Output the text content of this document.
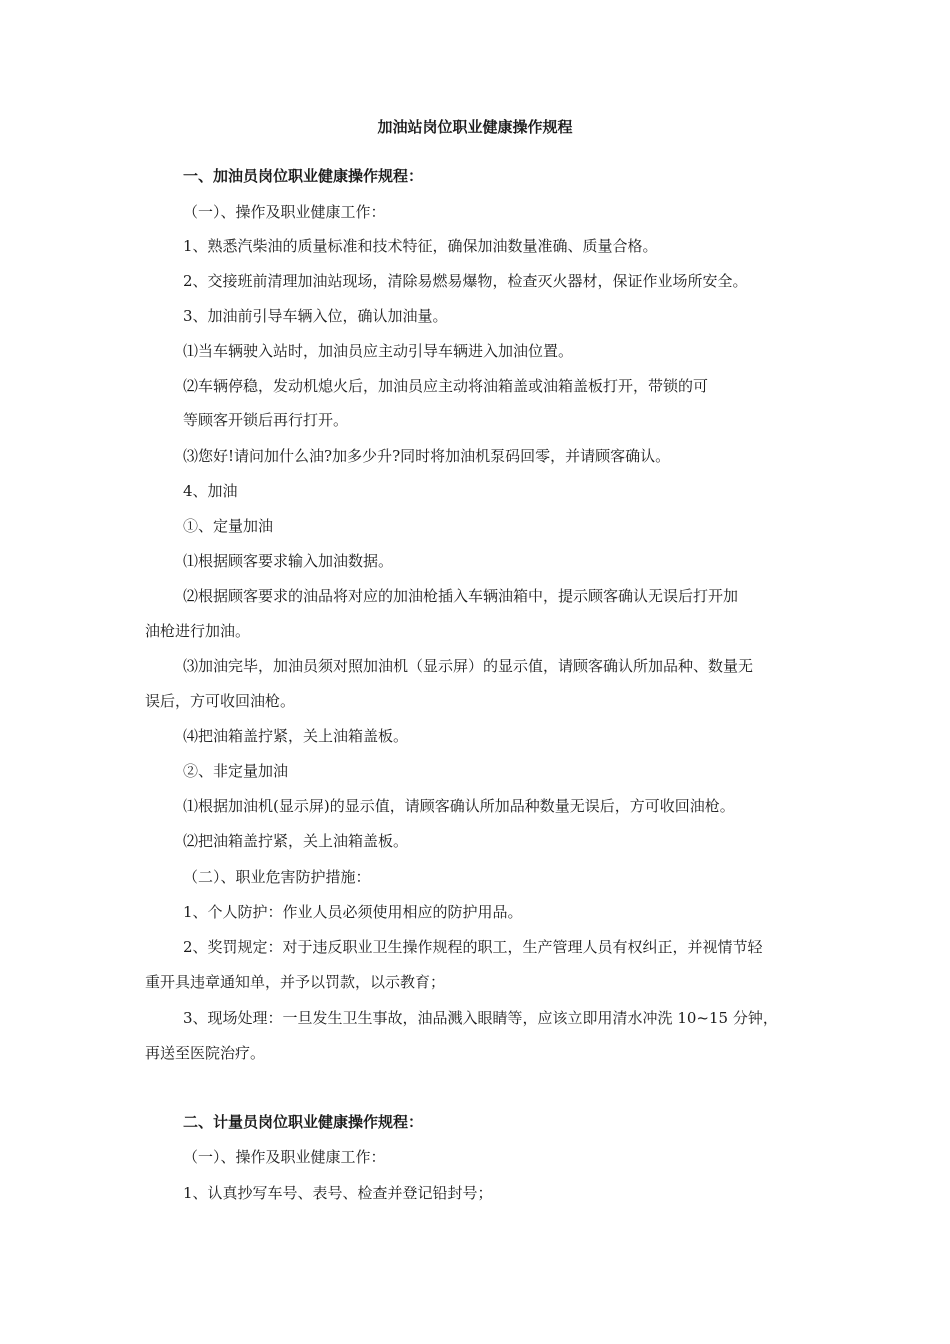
加油站岗位职业健康操作规程
一、加油员岗位职业健康操作规程：
（一）、操作及职业健康工作：
1、熟悉汽柴油的质量标准和技术特征，确保加油数量准确、质量合格。
2、交接班前清理加油站现场，清除易燃易爆物，检查灭火器材，保证作业场所安全。
3、加油前引导车辆入位，确认加油量。
⑴当车辆驶入站时，加油员应主动引导车辆进入加油位置。
⑵车辆停稳，发动机熄火后，加油员应主动将油箱盖或油箱盖板打开，带锁的可
等顾客开锁后再行打开。
⑶您好!请问加什么油?加多少升?同时将加油机泵码回零，并请顾客确认。
4、加油
①、定量加油
⑴根据顾客要求输入加油数据。
⑵根据顾客要求的油品将对应的加油枪插入车辆油箱中，提示顾客确认无误后打开加
油枪进行加油。
⑶加油完毕，加油员须对照加油机（显示屏）的显示值，请顾客确认所加品种、数量无
误后，方可收回油枪。
⑷把油箱盖拧紧，关上油箱盖板。
②、非定量加油
⑴根据加油机(显示屏)的显示值，请顾客确认所加品种数量无误后，方可收回油枪。
⑵把油箱盖拧紧，关上油箱盖板。
（二）、职业危害防护措施：
1、个人防护：作业人员必须使用相应的防护用品。
2、奖罚规定：对于违反职业卫生操作规程的职工，生产管理人员有权纠正，并视情节轻
重开具违章通知单，并予以罚款，以示教育；
3、现场处理：一旦发生卫生事故，油品溅入眼睛等，应该立即用清水冲洗 10~15 分钟，
再送至医院治疗。
二、计量员岗位职业健康操作规程：
（一）、操作及职业健康工作：
1、认真抄写车号、表号、检查并登记铅封号；
